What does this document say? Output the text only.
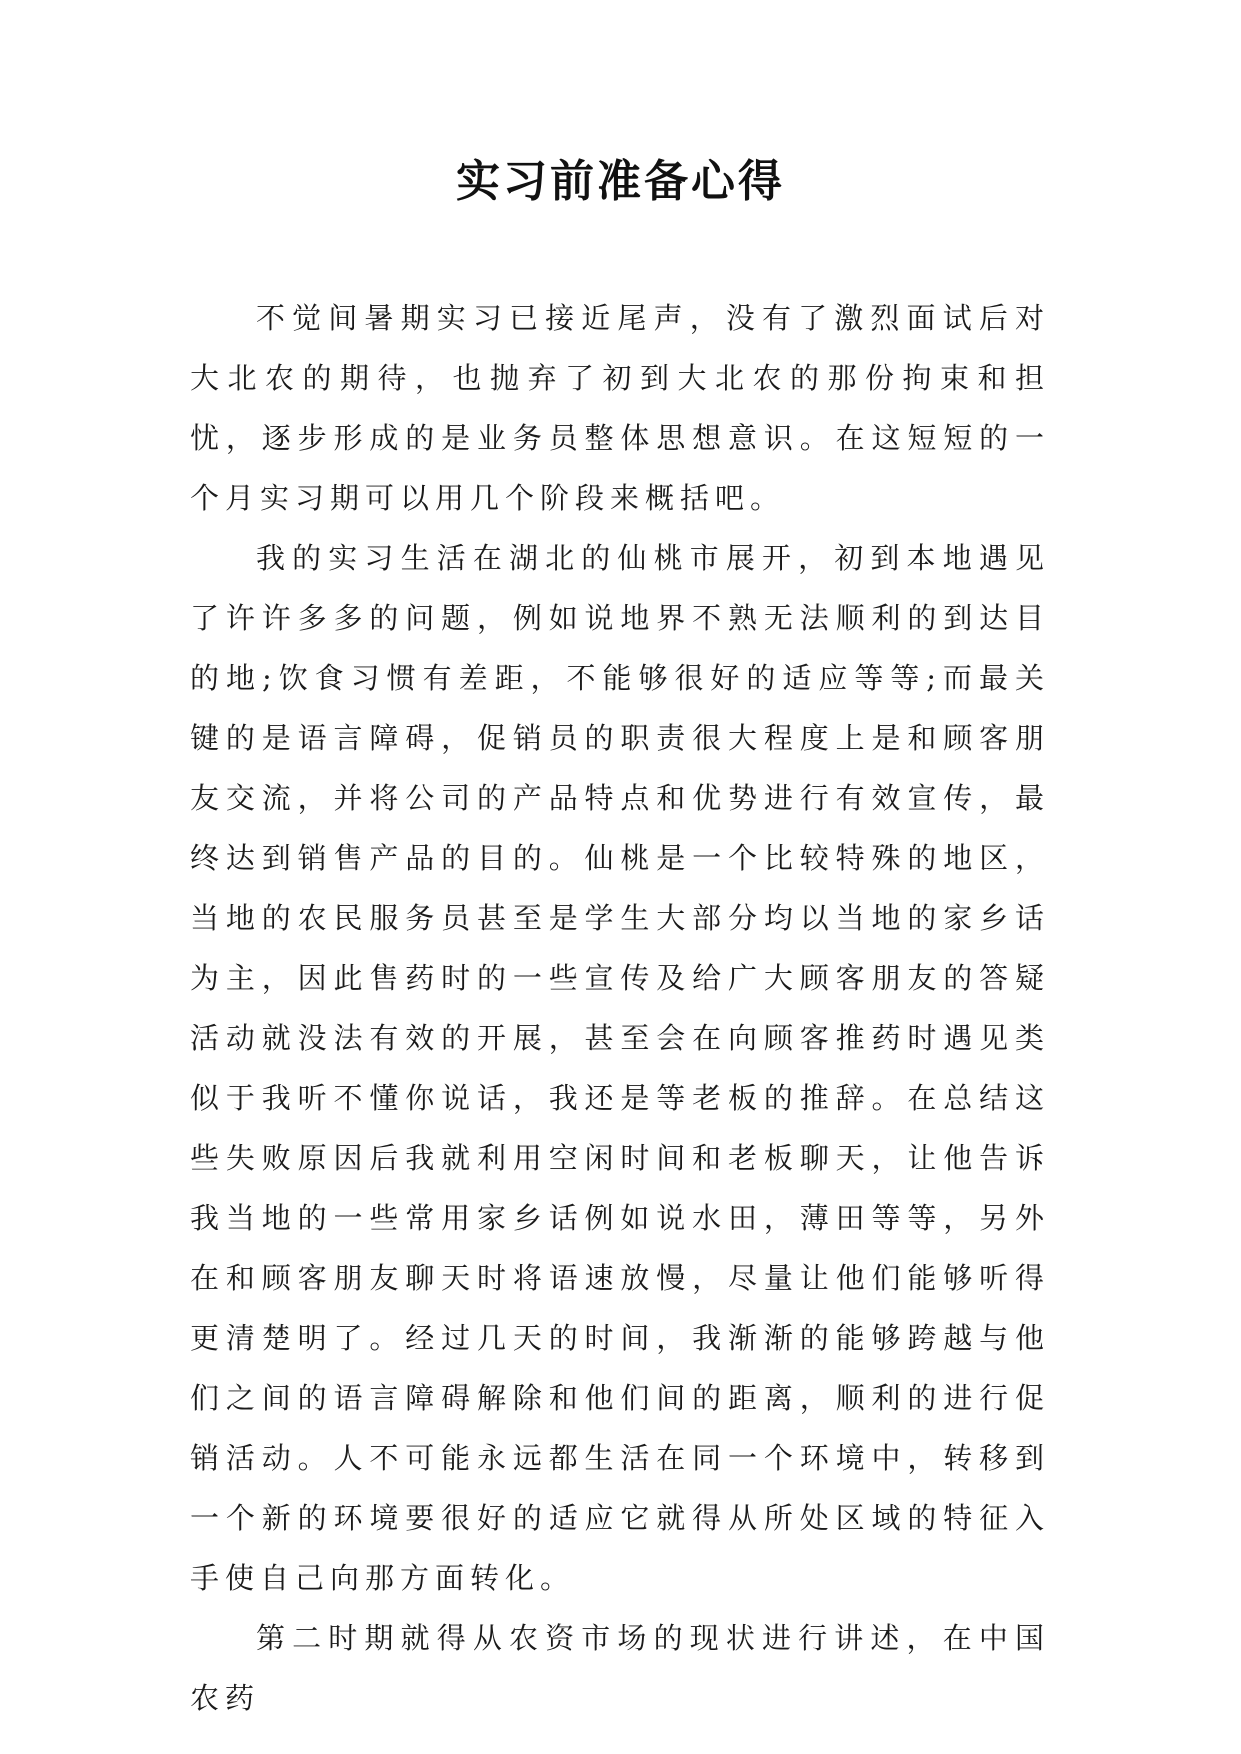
实习前准备心得

不觉间暑期实习已接近尾声，没有了激烈面试后对大北农的期待，也抛弃了初到大北农的那份拘束和担忧，逐步形成的是业务员整体思想意识。在这短短的一个月实习期可以用几个阶段来概括吧。

我的实习生活在湖北的仙桃市展开，初到本地遇见了许许多多的问题，例如说地界不熟无法顺利的到达目的地;饮食习惯有差距，不能够很好的适应等等;而最关键的是语言障碍，促销员的职责很大程度上是和顾客朋友交流，并将公司的产品特点和优势进行有效宣传，最终达到销售产品的目的。仙桃是一个比较特殊的地区，当地的农民服务员甚至是学生大部分均以当地的家乡话为主，因此售药时的一些宣传及给广大顾客朋友的答疑活动就没法有效的开展，甚至会在向顾客推药时遇见类似于我听不懂你说话，我还是等老板的推辞。在总结这些失败原因后我就利用空闲时间和老板聊天，让他告诉我当地的一些常用家乡话例如说水田，薄田等等，另外在和顾客朋友聊天时将语速放慢，尽量让他们能够听得更清楚明了。经过几天的时间，我渐渐的能够跨越与他们之间的语言障碍解除和他们间的距离，顺利的进行促销活动。人不可能永远都生活在同一个环境中，转移到一个新的环境要很好的适应它就得从所处区域的特征入手使自己向那方面转化。

第二时期就得从农资市场的现状进行讲述，在中国农药
